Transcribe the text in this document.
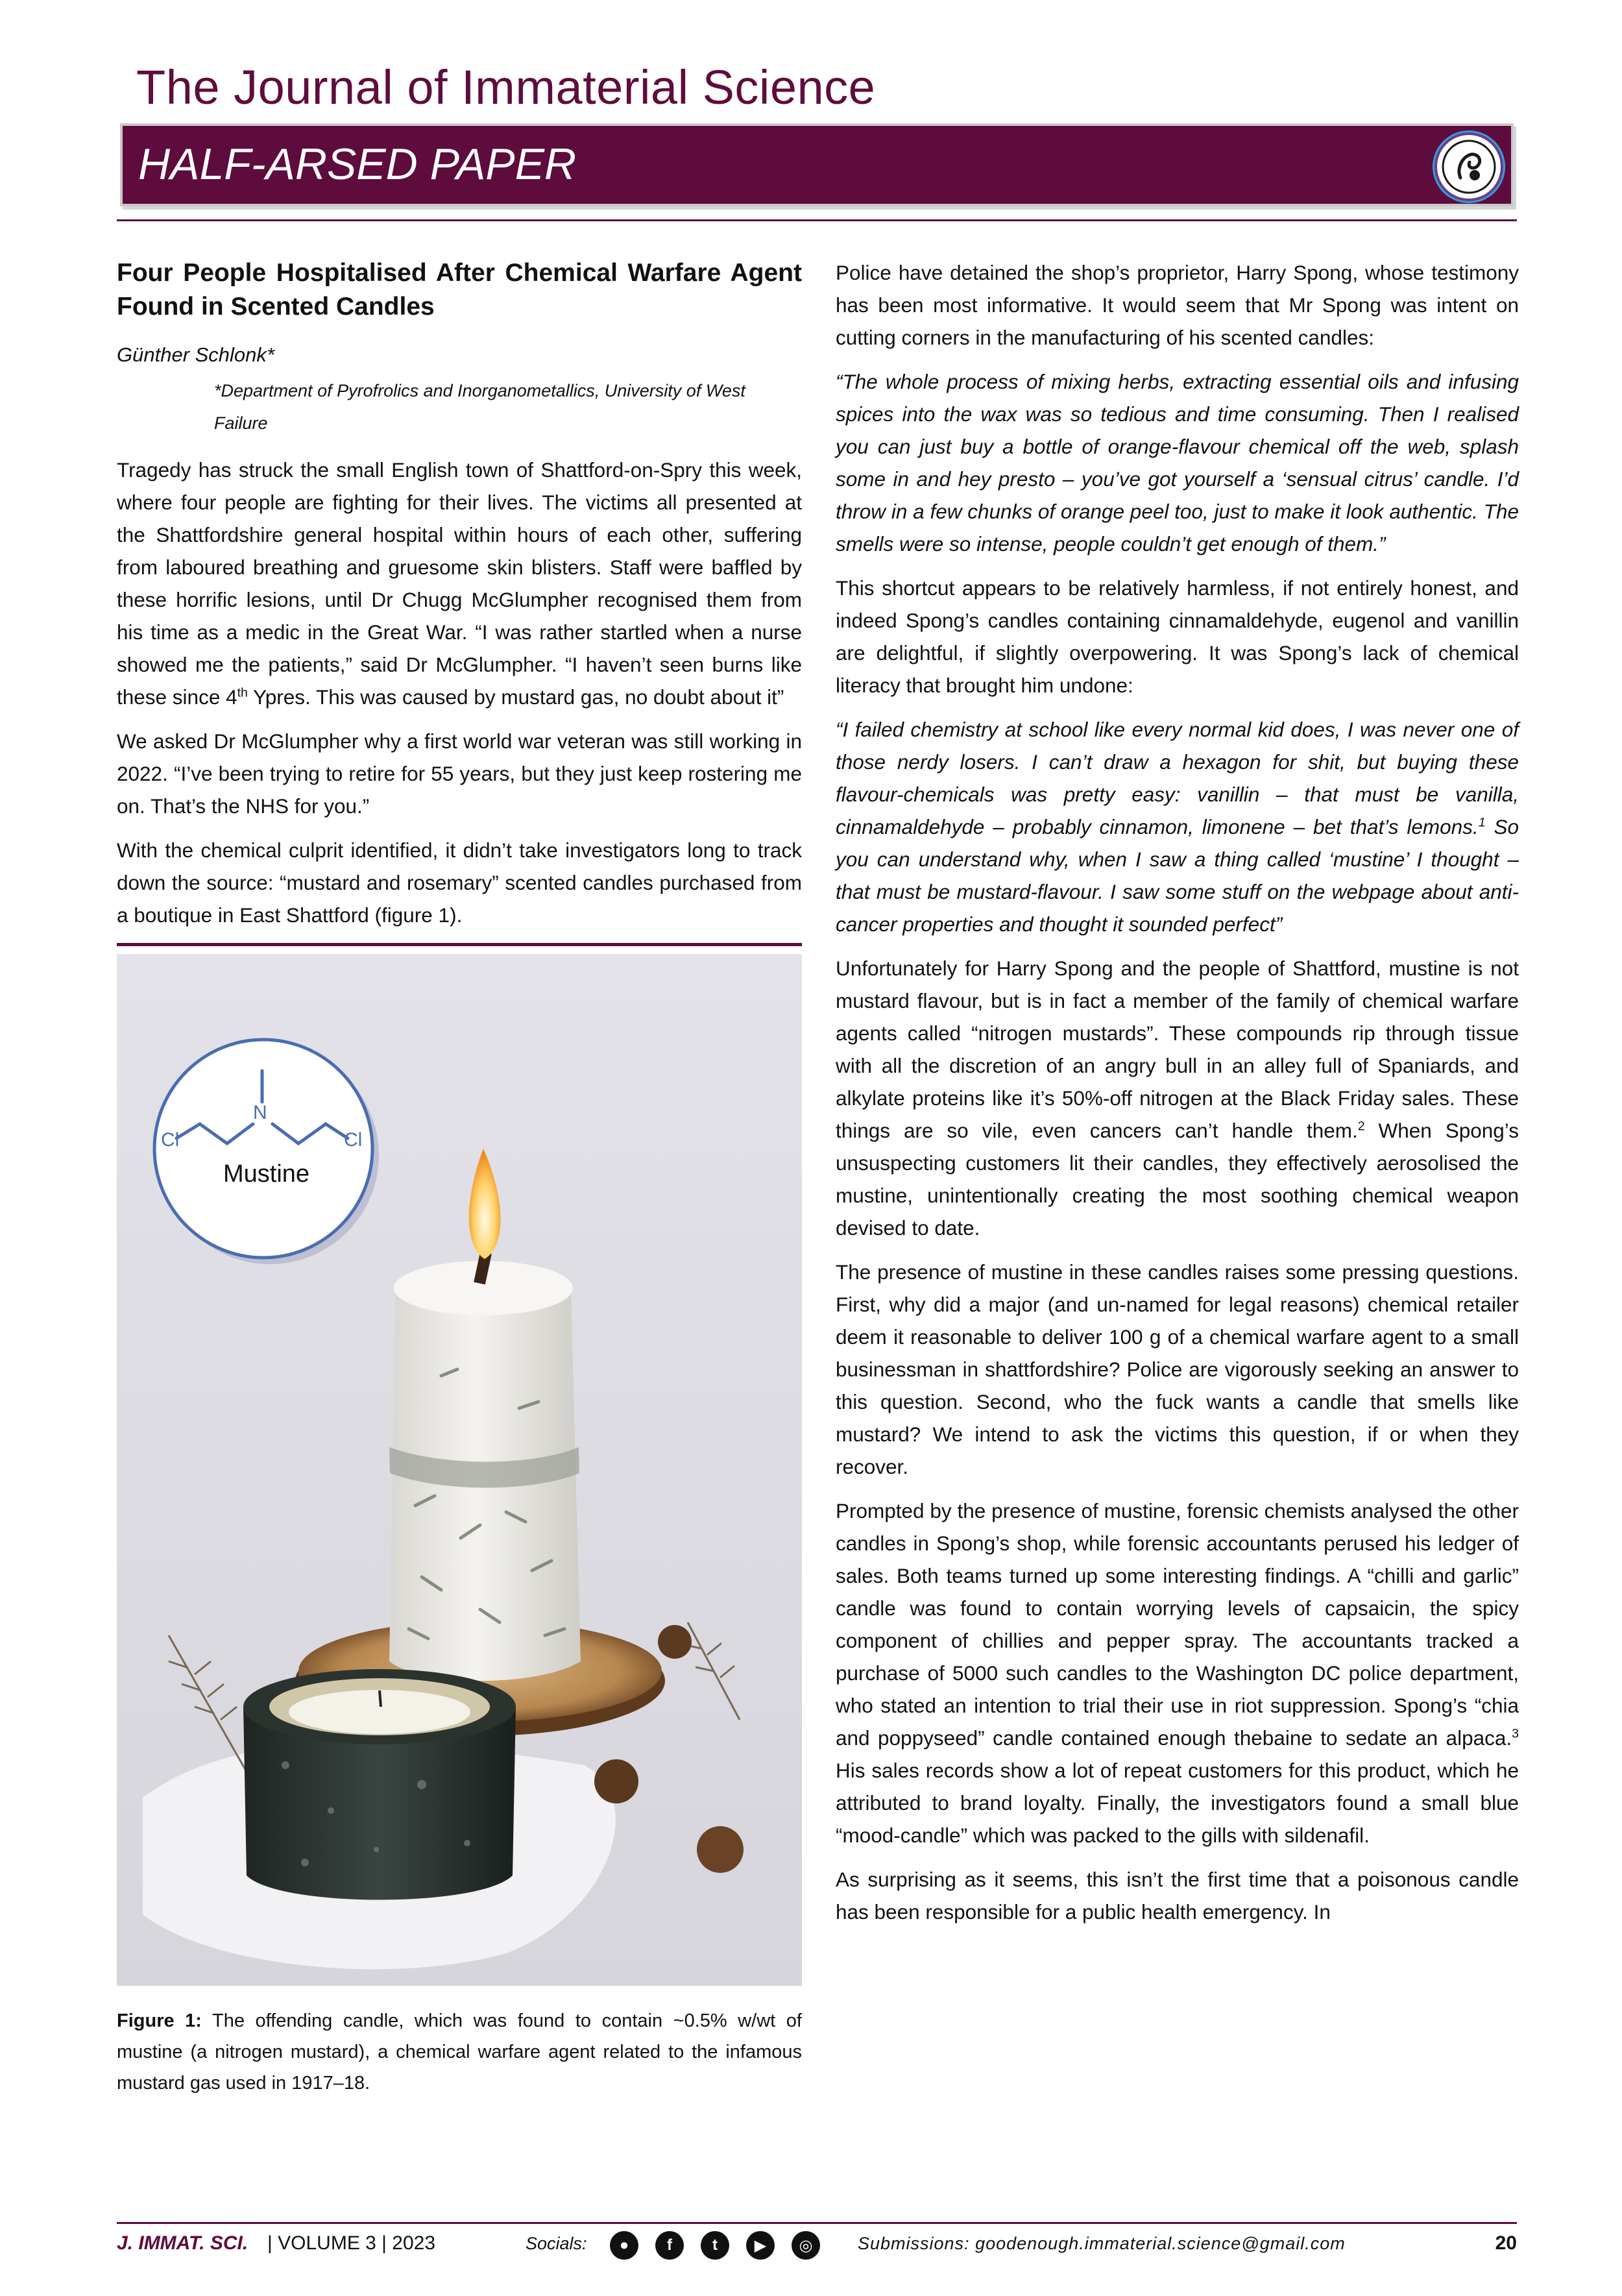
The Journal of Immaterial Science
HALF-ARSED PAPER
Four People Hospitalised After Chemical Warfare Agent Found in Scented Candles
Günther Schlonk*
*Department of Pyrofrolics and Inorganometallics, University of West Failure

Tragedy has struck the small English town of Shattford-on-Spry this week, where four people are fighting for their lives. The victims all presented at the Shattfordshire general hospital within hours of each other, suffering from laboured breathing and gruesome skin blisters. Staff were baffled by these horrific lesions, until Dr Chugg McGlumpher recognised them from his time as a medic in the Great War. “I was rather startled when a nurse showed me the patients,” said Dr McGlumpher. “I haven’t seen burns like these since 4th Ypres. This was caused by mustard gas, no doubt about it”

We asked Dr McGlumpher why a first world war veteran was still working in 2022. “I’ve been trying to retire for 55 years, but they just keep rostering me on. That’s the NHS for you.”

With the chemical culprit identified, it didn’t take investigators long to track down the source: “mustard and rosemary” scented candles purchased from a boutique in East Shattford (figure 1).

N
Cl	Cl
Mustine
Figure 1: The offending candle, which was found to contain ~0.5% w/wt of mustine (a nitrogen mustard), a chemical warfare agent related to the infamous mustard gas used in 1917–18.

Police have detained the shop’s proprietor, Harry Spong, whose testimony has been most informative. It would seem that Mr Spong was intent on cutting corners in the manufacturing of his scented candles:

“The whole process of mixing herbs, extracting essential oils and infusing spices into the wax was so tedious and time consuming. Then I realised you can just buy a bottle of orange-flavour chemical off the web, splash some in and hey presto – you’ve got yourself a ‘sensual citrus’ candle. I’d throw in a few chunks of orange peel too, just to make it look authentic. The smells were so intense, people couldn’t get enough of them.”

This shortcut appears to be relatively harmless, if not entirely honest, and indeed Spong’s candles containing cinnamaldehyde, eugenol and vanillin are delightful, if slightly overpowering. It was Spong’s lack of chemical literacy that brought him undone:

“I failed chemistry at school like every normal kid does, I was never one of those nerdy losers. I can’t draw a hexagon for shit, but buying these flavour-chemicals was pretty easy: vanillin – that must be vanilla, cinnamaldehyde – probably cinnamon, limonene – bet that’s lemons.$^1$ So you can understand why, when I saw a thing called ‘mustine’ I thought – that must be mustard-flavour. I saw some stuff on the webpage about anti-cancer properties and thought it sounded perfect”

Unfortunately for Harry Spong and the people of Shattford, mustine is not mustard flavour, but is in fact a member of the family of chemical warfare agents called “nitrogen mustards”. These compounds rip through tissue with all the discretion of an angry bull in an alley full of Spaniards, and alkylate proteins like it’s 50%-off nitrogen at the Black Friday sales. These things are so vile, even cancers can’t handle them.$^2$ When Spong’s unsuspecting customers lit their candles, they effectively aerosolised the mustine, unintentionally creating the most soothing chemical weapon devised to date.

The presence of mustine in these candles raises some pressing questions. First, why did a major (and un-named for legal reasons) chemical retailer deem it reasonable to deliver 100 g of a chemical warfare agent to a small businessman in shattfordshire? Police are vigorously seeking an answer to this question. Second, who the fuck wants a candle that smells like mustard? We intend to ask the victims this question, if or when they recover.

Prompted by the presence of mustine, forensic chemists analysed the other candles in Spong’s shop, while forensic accountants perused his ledger of sales. Both teams turned up some interesting findings. A “chilli and garlic” candle was found to contain worrying levels of capsaicin, the spicy component of chillies and pepper spray. The accountants tracked a purchase of 5000 such candles to the Washington DC police department, who stated an intention to trial their use in riot suppression. Spong’s “chia and poppyseed” candle contained enough thebaine to sedate an alpaca.$^3$ His sales records show a lot of repeat customers for this product, which he attributed to brand loyalty. Finally, the investigators found a small blue “mood-candle” which was packed to the gills with sildenafil.

As surprising as it seems, this isn’t the first time that a poisonous candle has been responsible for a public health emergency. In

J. IMMAT. SCI. | VOLUME 3 | 2023	Socials:	●	f	t	▶	◎	Submissions: goodenough.immaterial.science@gmail.com	20
